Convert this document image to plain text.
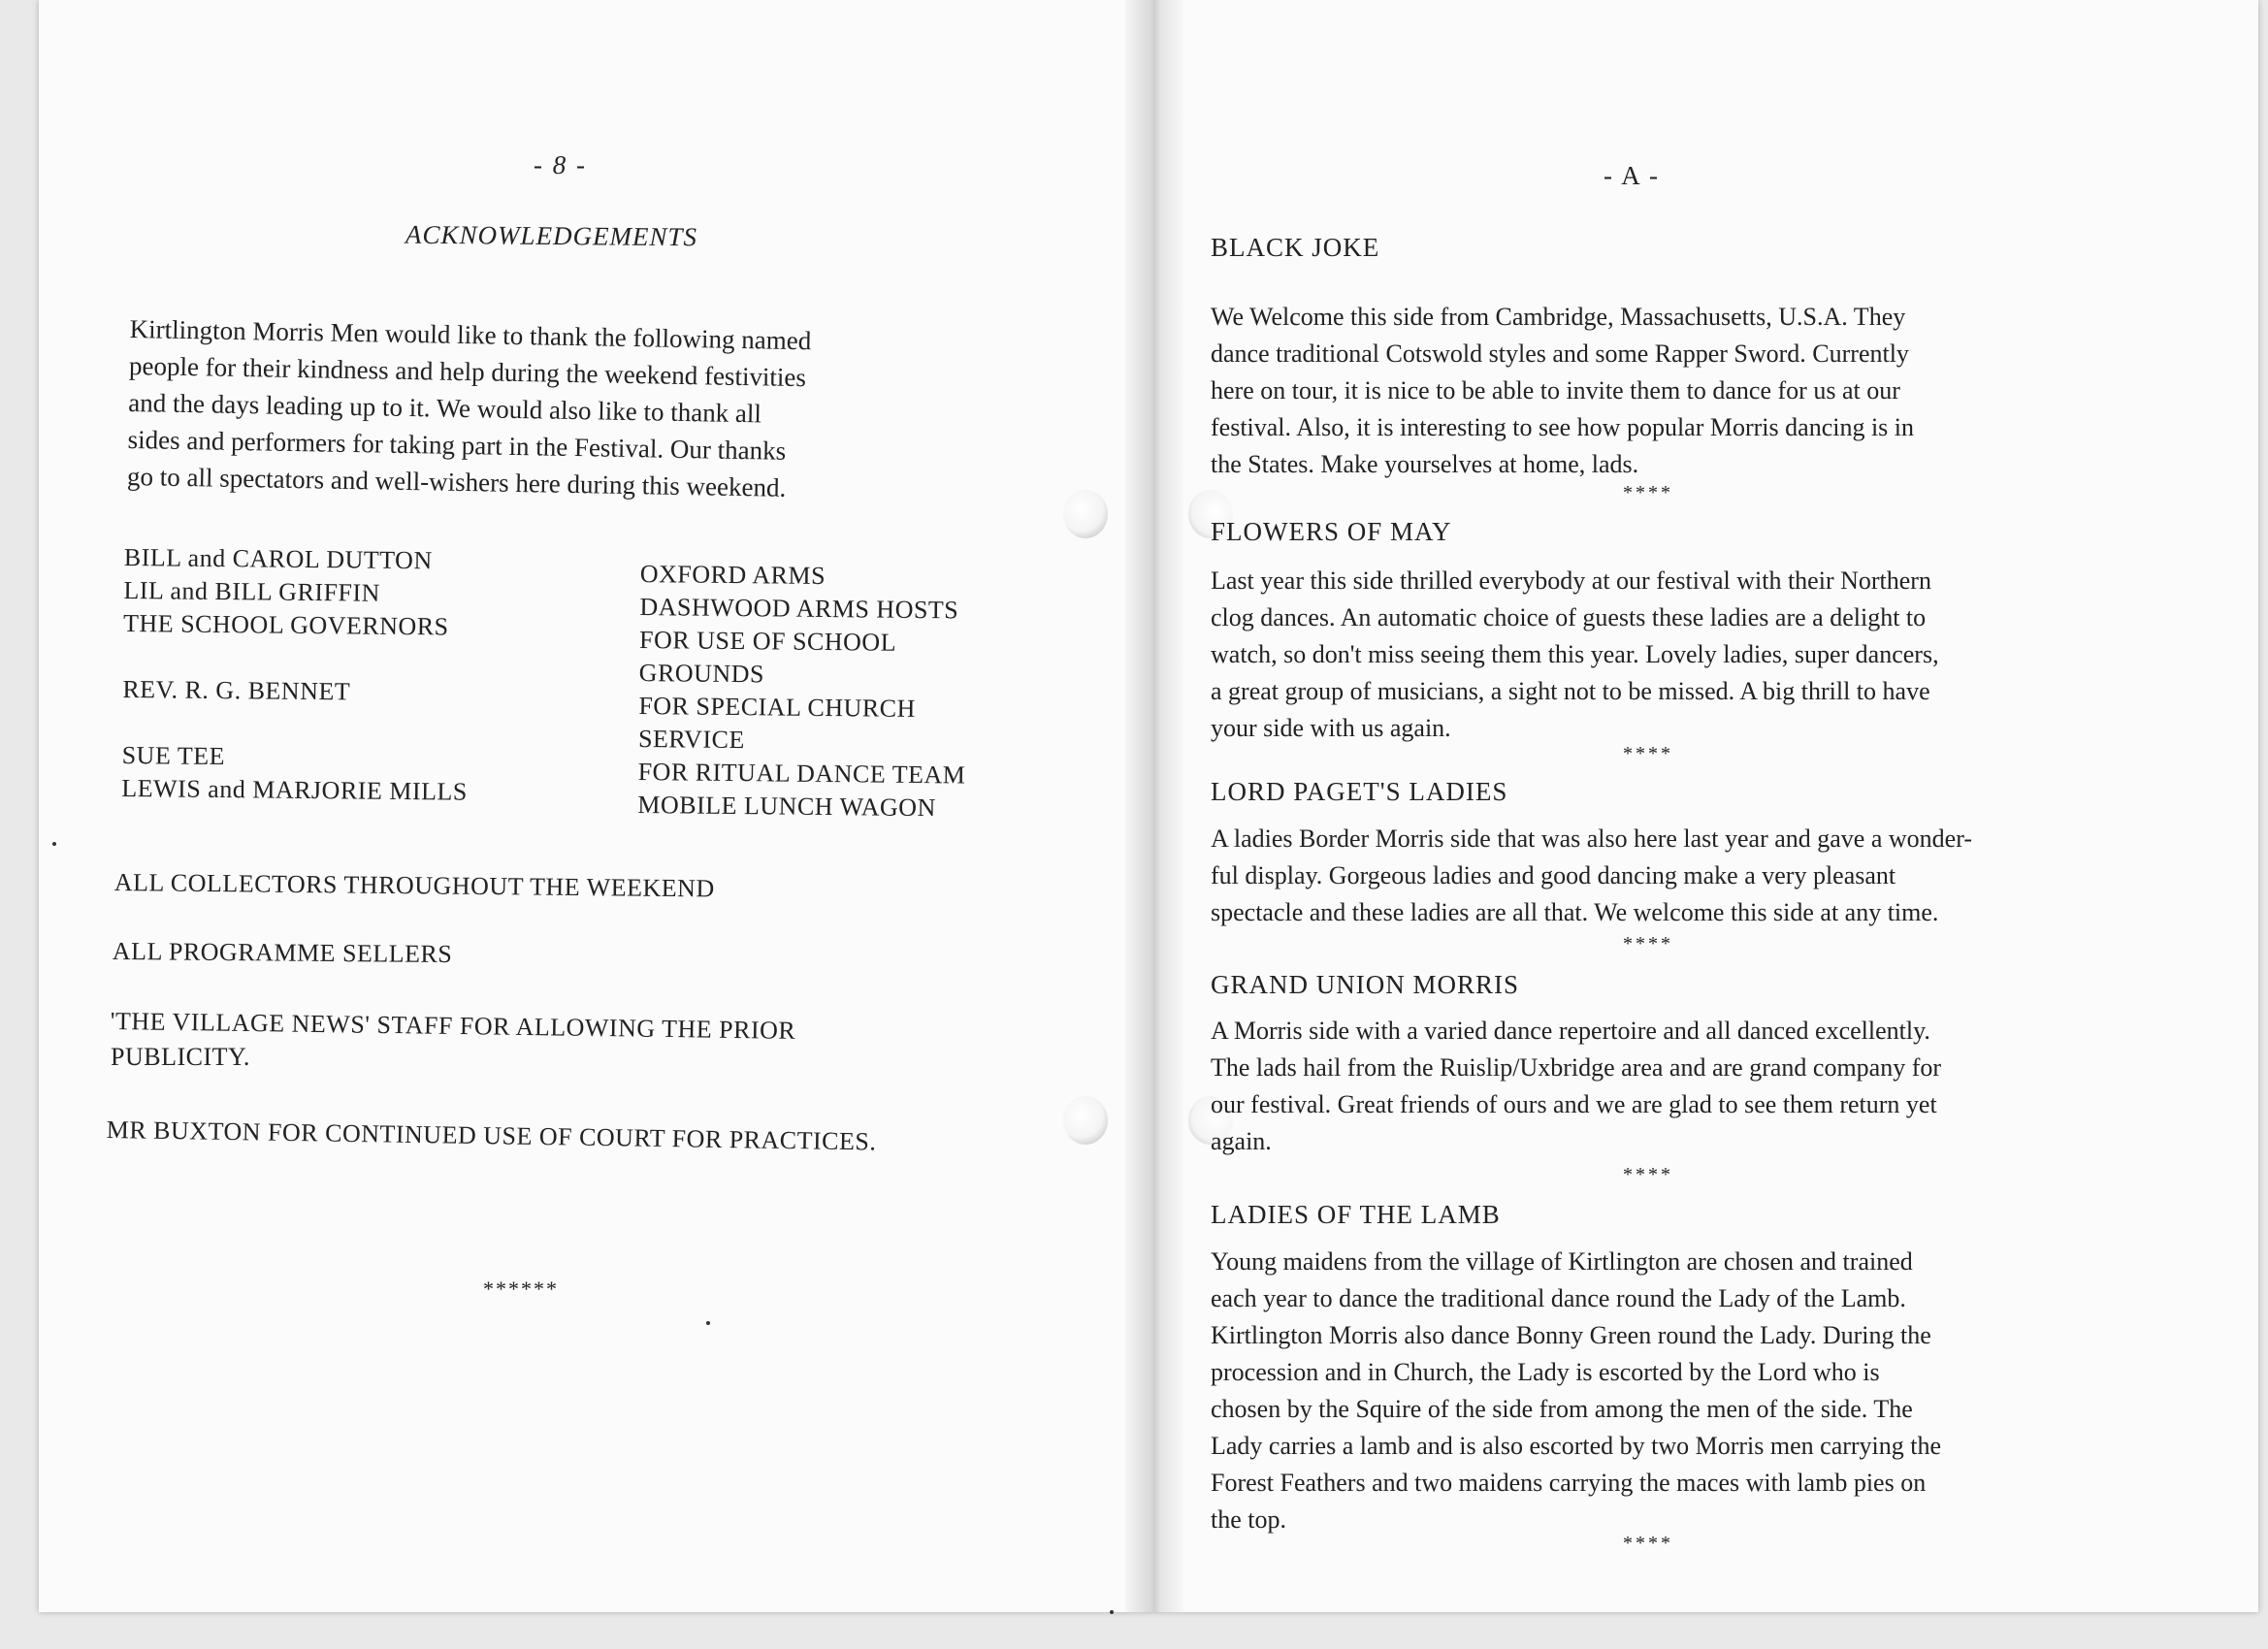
- 8 -
ACKNOWLEDGEMENTS
Kirtlington Morris Men would like to thank the following named
people for their kindness and help during the weekend festivities
and the days leading up to it. We would also like to thank all
sides and performers for taking part in the Festival. Our thanks
go to all spectators and well-wishers here during this weekend.
BILL and CAROL DUTTON
LIL and BILL GRIFFIN
THE SCHOOL GOVERNORS
REV. R. G. BENNET
SUE TEE
LEWIS and MARJORIE MILLS
OXFORD ARMS
DASHWOOD ARMS HOSTS
FOR USE OF SCHOOL
GROUNDS
FOR SPECIAL CHURCH
SERVICE
FOR RITUAL DANCE TEAM
MOBILE LUNCH WAGON
ALL COLLECTORS THROUGHOUT THE WEEKEND
ALL PROGRAMME SELLERS
'THE VILLAGE NEWS' STAFF FOR ALLOWING THE PRIOR
PUBLICITY.
MR BUXTON FOR CONTINUED USE OF COURT FOR PRACTICES.
******
- A -
BLACK JOKE
We Welcome this side from Cambridge, Massachusetts, U.S.A. They
dance traditional Cotswold styles and some Rapper Sword. Currently
here on tour, it is nice to be able to invite them to dance for us at our
festival. Also, it is interesting to see how popular Morris dancing is in
the States. Make yourselves at home, lads.
****
FLOWERS OF MAY
Last year this side thrilled everybody at our festival with their Northern
clog dances. An automatic choice of guests these ladies are a delight to
watch, so don't miss seeing them this year. Lovely ladies, super dancers,
a great group of musicians, a sight not to be missed. A big thrill to have
your side with us again.
****
LORD PAGET'S LADIES
A ladies Border Morris side that was also here last year and gave a wonder-
ful display. Gorgeous ladies and good dancing make a very pleasant
spectacle and these ladies are all that. We welcome this side at any time.
****
GRAND UNION MORRIS
A Morris side with a varied dance repertoire and all danced excellently.
The lads hail from the Ruislip/Uxbridge area and are grand company for
our festival. Great friends of ours and we are glad to see them return yet
again.
****
LADIES OF THE LAMB
Young maidens from the village of Kirtlington are chosen and trained
each year to dance the traditional dance round the Lady of the Lamb.
Kirtlington Morris also dance Bonny Green round the Lady. During the
procession and in Church, the Lady is escorted by the Lord who is
chosen by the Squire of the side from among the men of the side. The
Lady carries a lamb and is also escorted by two Morris men carrying the
Forest Feathers and two maidens carrying the maces with lamb pies on
the top.
****
